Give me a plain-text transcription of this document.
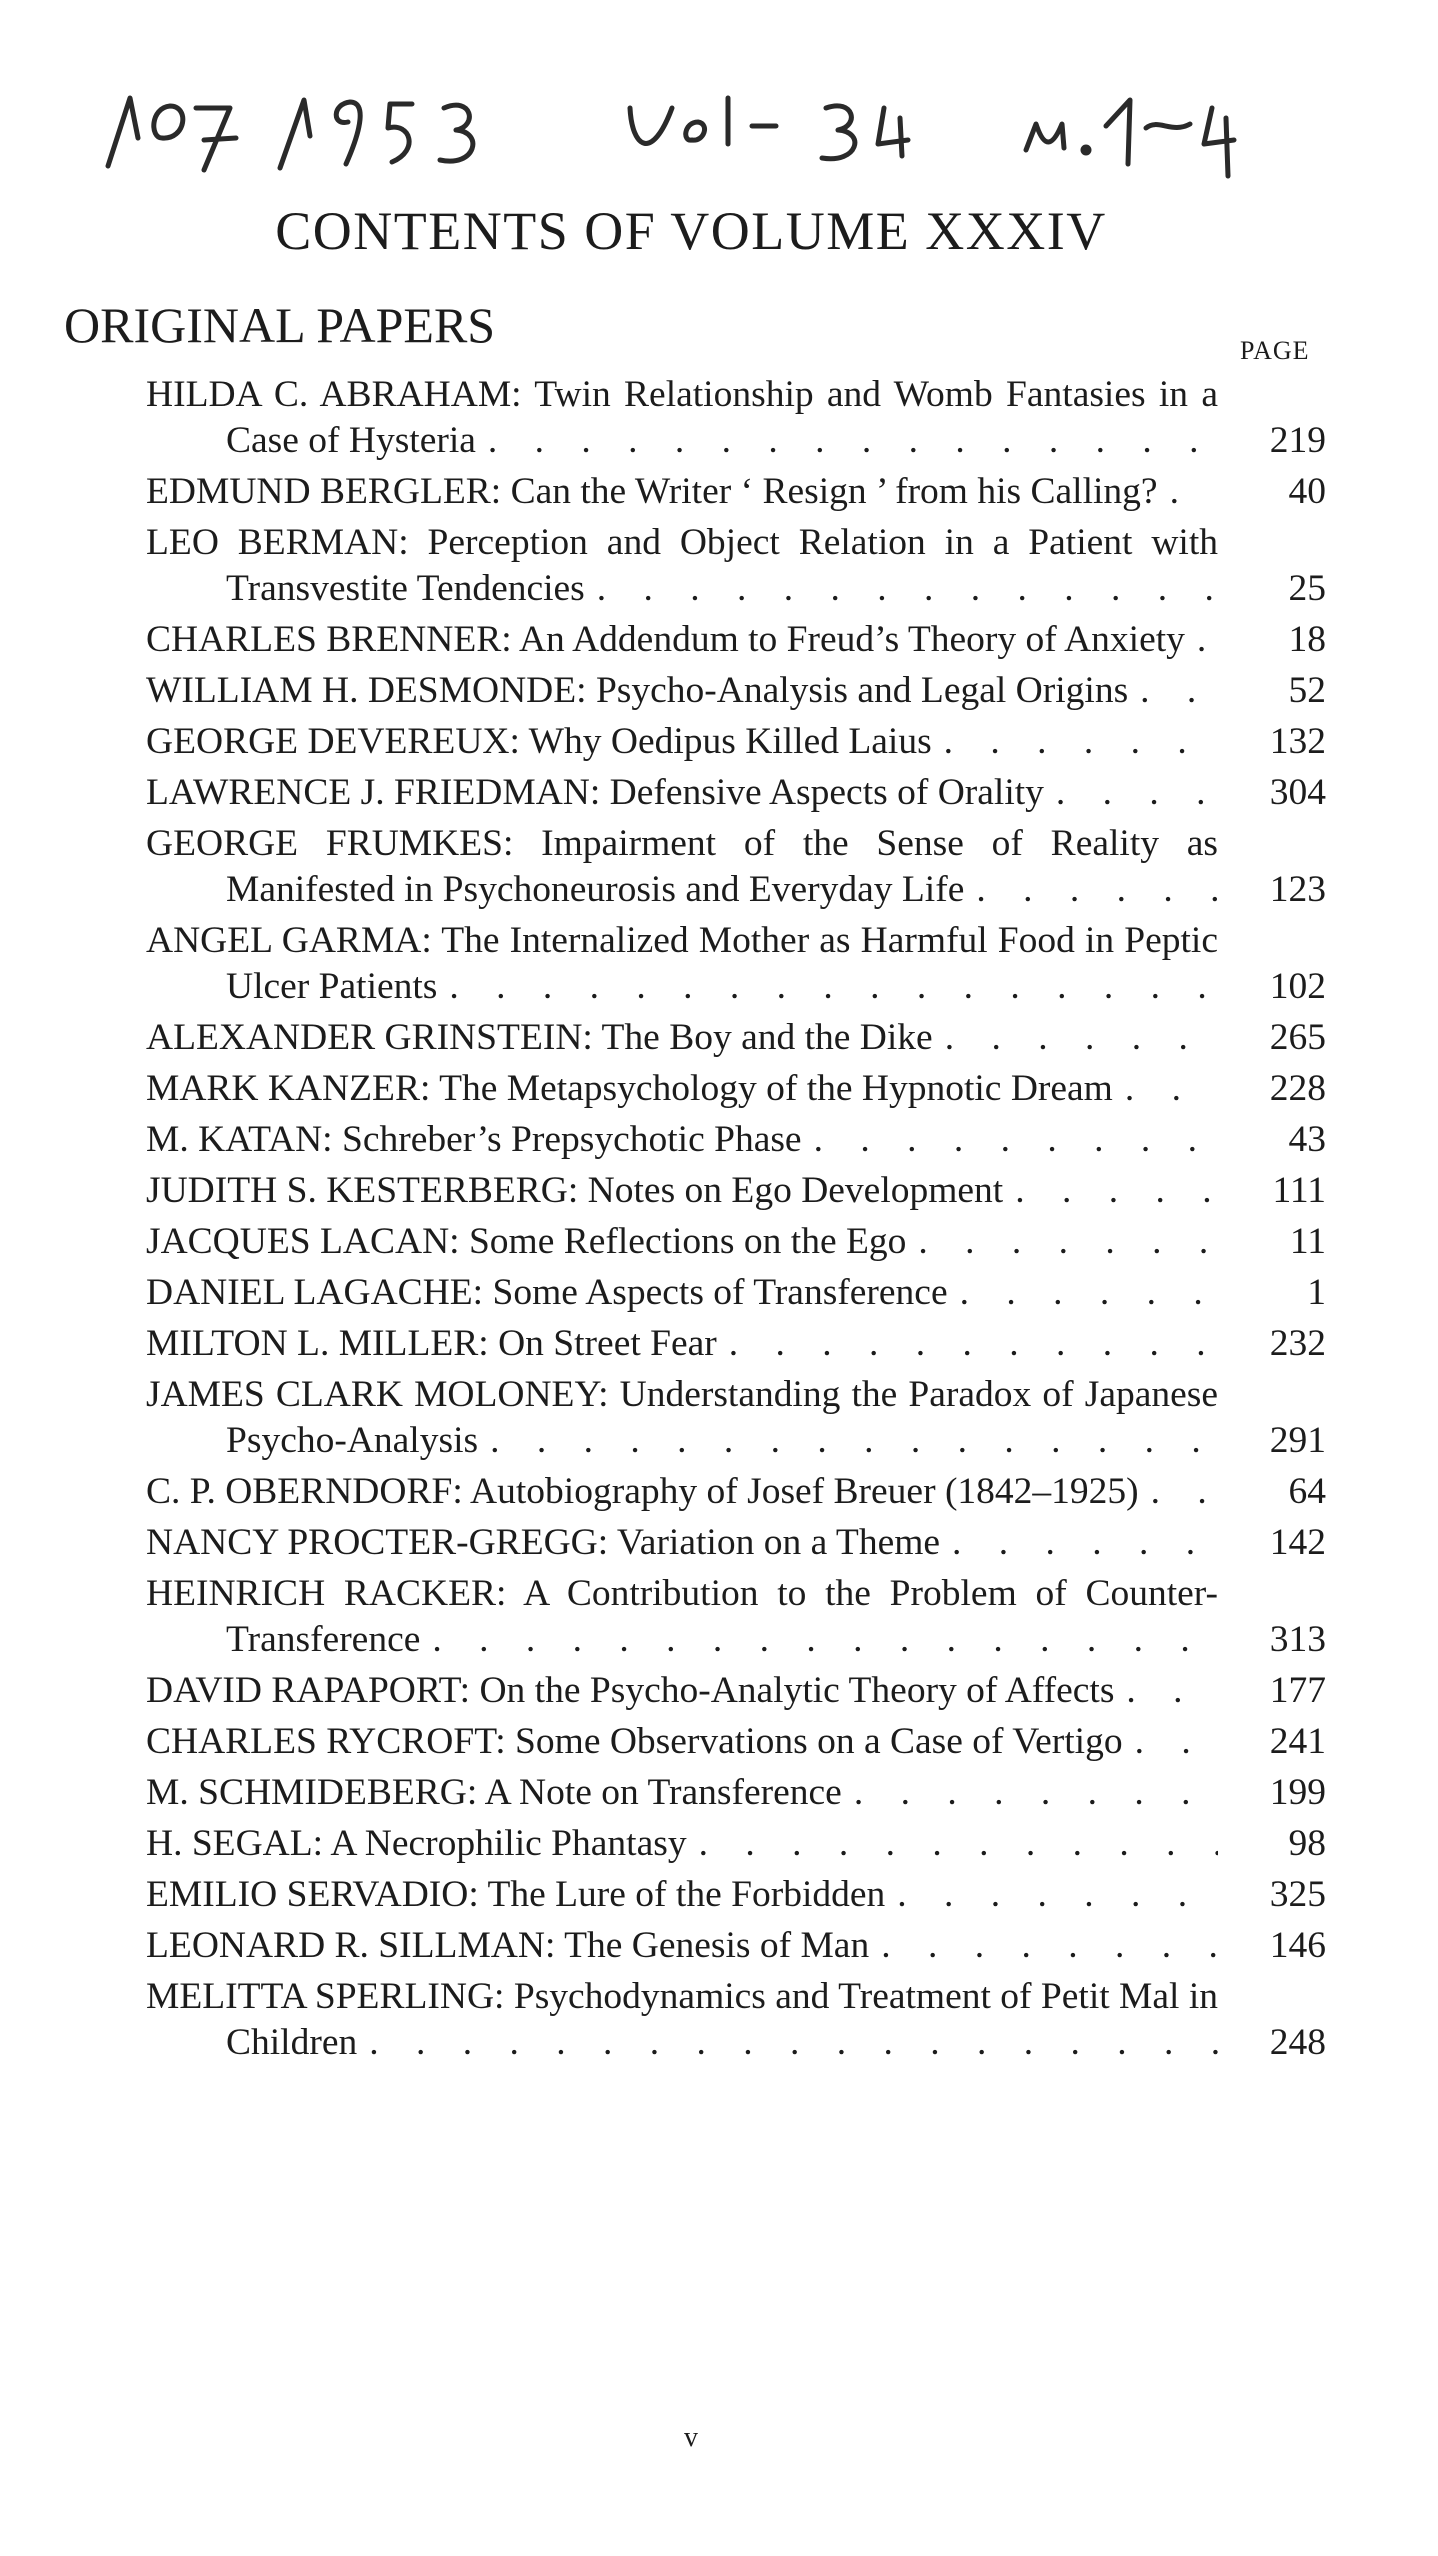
CONTENTS OF VOLUME XXXIV
ORIGINAL PAPERS	PAGE
HILDA C. ABRAHAM: Twin Relationship and Womb Fantasies in a Case of Hysteria . . .	219
EDMUND BERGLER: Can the Writer ‘ Resign ’ from his Calling? . . .	40
LEO BERMAN: Perception and Object Relation in a Patient with Transvestite Tendencies . . .	25
CHARLES BRENNER: An Addendum to Freud’s Theory of Anxiety . . .	18
WILLIAM H. DESMONDE: Psycho-Analysis and Legal Origins . . .	52
GEORGE DEVEREUX: Why Oedipus Killed Laius . . .	132
LAWRENCE J. FRIEDMAN: Defensive Aspects of Orality . . .	304
GEORGE FRUMKES: Impairment of the Sense of Reality as Manifested in Psychoneurosis and Everyday Life . . .	123
ANGEL GARMA: The Internalized Mother as Harmful Food in Peptic Ulcer Patients . . .	102
ALEXANDER GRINSTEIN: The Boy and the Dike . . .	265
MARK KANZER: The Metapsychology of the Hypnotic Dream . . .	228
M. KATAN: Schreber’s Prepsychotic Phase . . .	43
JUDITH S. KESTERBERG: Notes on Ego Development . . .	111
JACQUES LACAN: Some Reflections on the Ego . . .	11
DANIEL LAGACHE: Some Aspects of Transference . . .	1
MILTON L. MILLER: On Street Fear . . .	232
JAMES CLARK MOLONEY: Understanding the Paradox of Japanese Psycho-Analysis . . .	291
C. P. OBERNDORF: Autobiography of Josef Breuer (1842–1925) . . .	64
NANCY PROCTER-GREGG: Variation on a Theme . . .	142
HEINRICH RACKER: A Contribution to the Problem of Counter-Transference . . .	313
DAVID RAPAPORT: On the Psycho-Analytic Theory of Affects . . .	177
CHARLES RYCROFT: Some Observations on a Case of Vertigo . . .	241
M. SCHMIDEBERG: A Note on Transference . . .	199
H. SEGAL: A Necrophilic Phantasy . . .	98
EMILIO SERVADIO: The Lure of the Forbidden . . .	325
LEONARD R. SILLMAN: The Genesis of Man . . .	146
MELITTA SPERLING: Psychodynamics and Treatment of Petit Mal in Children . . .	248
v
